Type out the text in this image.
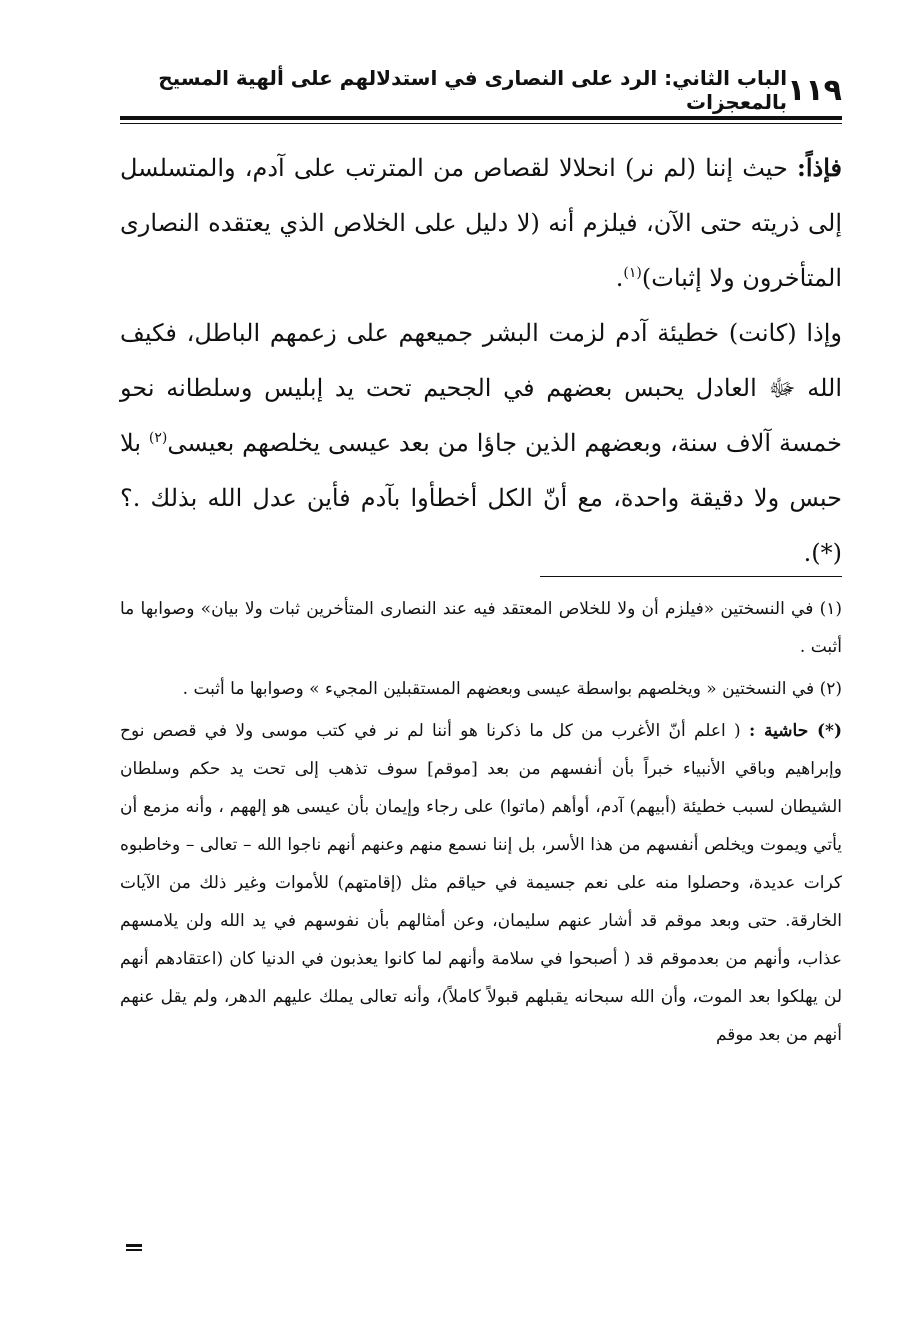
١١٩
الباب الثاني: الرد على النصارى في استدلالهم على ألهية المسيح بالمعجزات

فإذاً: حيث إننا (لم نر) انحلالا لقصاص من المترتب على آدم، والمتسلسل إلى ذريته حتى الآن، فيلزم أنه (لا دليل على الخلاص الذي يعتقده النصارى المتأخرون ولا إثبات)$^{(١)}$.

وإذا (كانت) خطيئة آدم لزمت البشر جميعهم على زعمهم الباطل، فكيف الله ﷻ العادل يحبس بعضهم في الجحيم تحت يد إبليس وسلطانه نحو خمسة آلاف سنة، وبعضهم الذين جاؤا من بعد عيسى يخلصهم بعيسى$^{(٢)}$ بلا حبس ولا دقيقة واحدة، مع أنّ الكل أخطأوا بآدم فأين عدل الله بذلك .؟ (*).

(١) في النسختين «فيلزم أن ولا للخلاص المعتقد فيه عند النصارى المتأخرين ثبات ولا بيان» وصوابها ما أثبت .

(٢) في النسختين « ويخلصهم بواسطة عيسى وبعضهم المستقبلين المجيء » وصوابها ما أثبت .

(*) حاشية : ( اعلم أنّ الأغرب من كل ما ذكرنا هو أننا لم نر في كتب موسى ولا في قصص نوح وإبراهيم وباقي الأنبياء خبراً بأن أنفسهم من بعد [موقم] سوف تذهب إلى تحت يد حكم وسلطان الشيطان لسبب خطيئة (أبيهم) آدم، أوأهم (ماتوا) على رجاء وإيمان بأن عيسى هو إلههم ، وأنه مزمع أن يأتي ويموت ويخلص أنفسهم من هذا الأسر، بل إننا نسمع منهم وعنهم أنهم ناجوا الله – تعالى – وخاطبوه كرات عديدة، وحصلوا منه على نعم جسيمة في حياقم مثل (إقامتهم) للأموات وغير ذلك من الآيات الخارقة. حتى وبعد موقم قد أشار عنهم سليمان، وعن أمثالهم بأن نفوسهم في يد الله ولن يلامسهم عذاب، وأنهم من بعدموقم قد ( أصبحوا في سلامة وأنهم لما كانوا يعذبون في الدنيا كان (اعتقادهم أنهم لن يهلكوا بعد الموت، وأن الله سبحانه يقبلهم قبولاً كاملاً)، وأنه تعالى يملك عليهم الدهر، ولم يقل عنهم أنهم من بعد موقم
